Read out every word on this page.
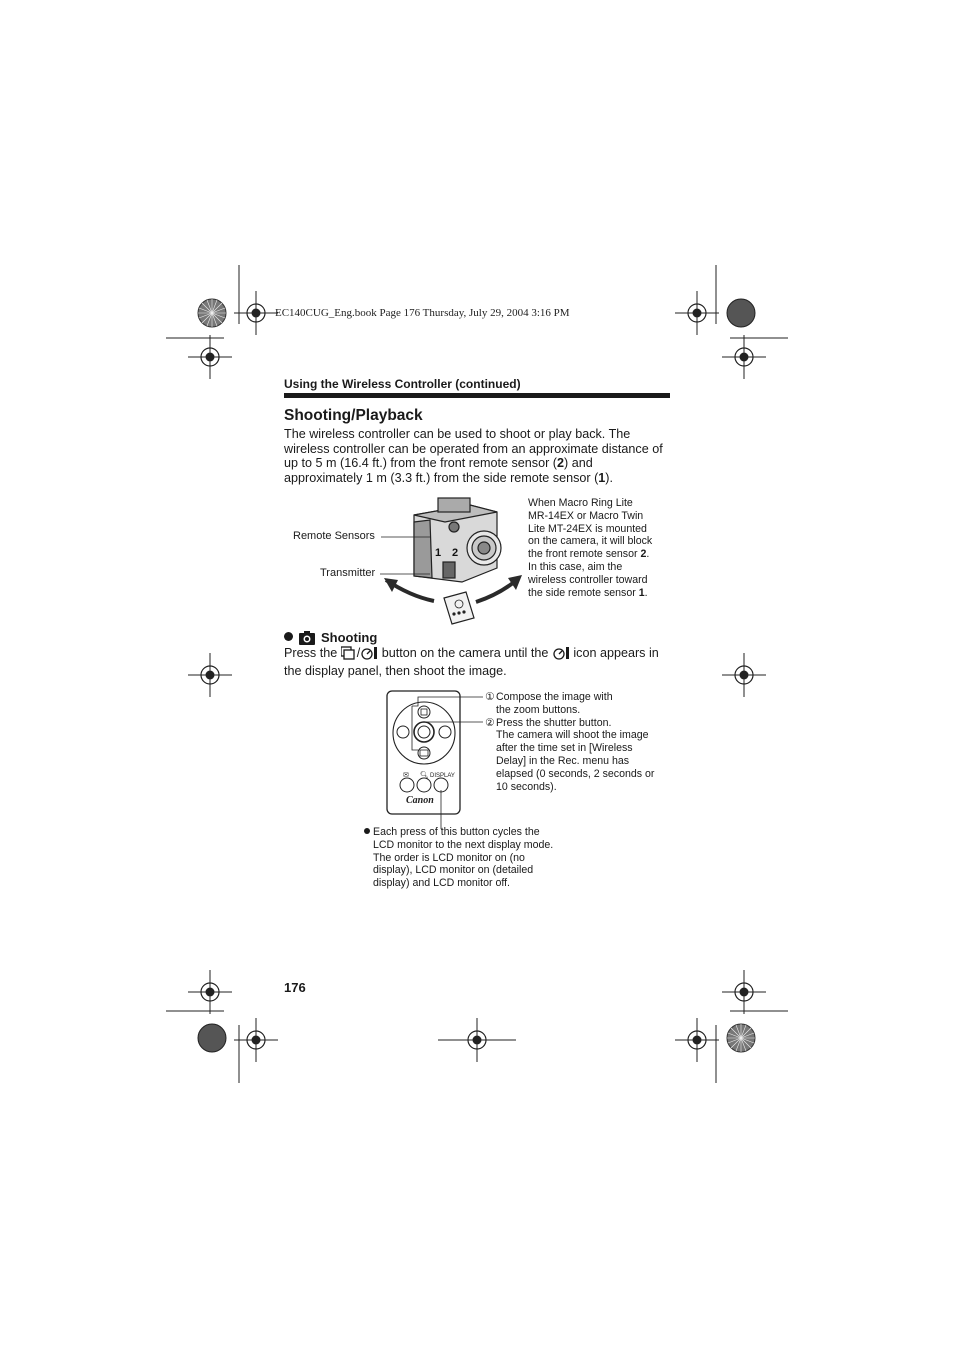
EC140CUG_Eng.book Page 176 Thursday, July 29, 2004 3:16 PM
Using the Wireless Controller (continued)
Shooting/Playback
The wireless controller can be used to shoot or play back. The
wireless controller can be operated from an approximate distance of
up to 5 m (16.4 ft.) from the front remote sensor (2) and
approximately 1 m (3.3 ft.) from the side remote sensor (1).
1 2
Remote Sensors
Transmitter
When Macro Ring Lite
MR-14EX or Macro Twin
Lite MT-24EX is mounted
on the camera, it will block
the front remote sensor 2.
In this case, aim the
wireless controller toward
the side remote sensor 1.
Shooting
Press the / button on the camera until the icon appears in
the display panel, then shoot the image.
✉ 🔍︎ DISPLAY
Canon
① Compose the image with
the zoom buttons.
② Press the shutter button.
The camera will shoot the image
after the time set in [Wireless
Delay] in the Rec. menu has
elapsed (0 seconds, 2 seconds or
10 seconds).
Each press of this button cycles the
LCD monitor to the next display mode.
The order is LCD monitor on (no
display), LCD monitor on (detailed
display) and LCD monitor off.
176
